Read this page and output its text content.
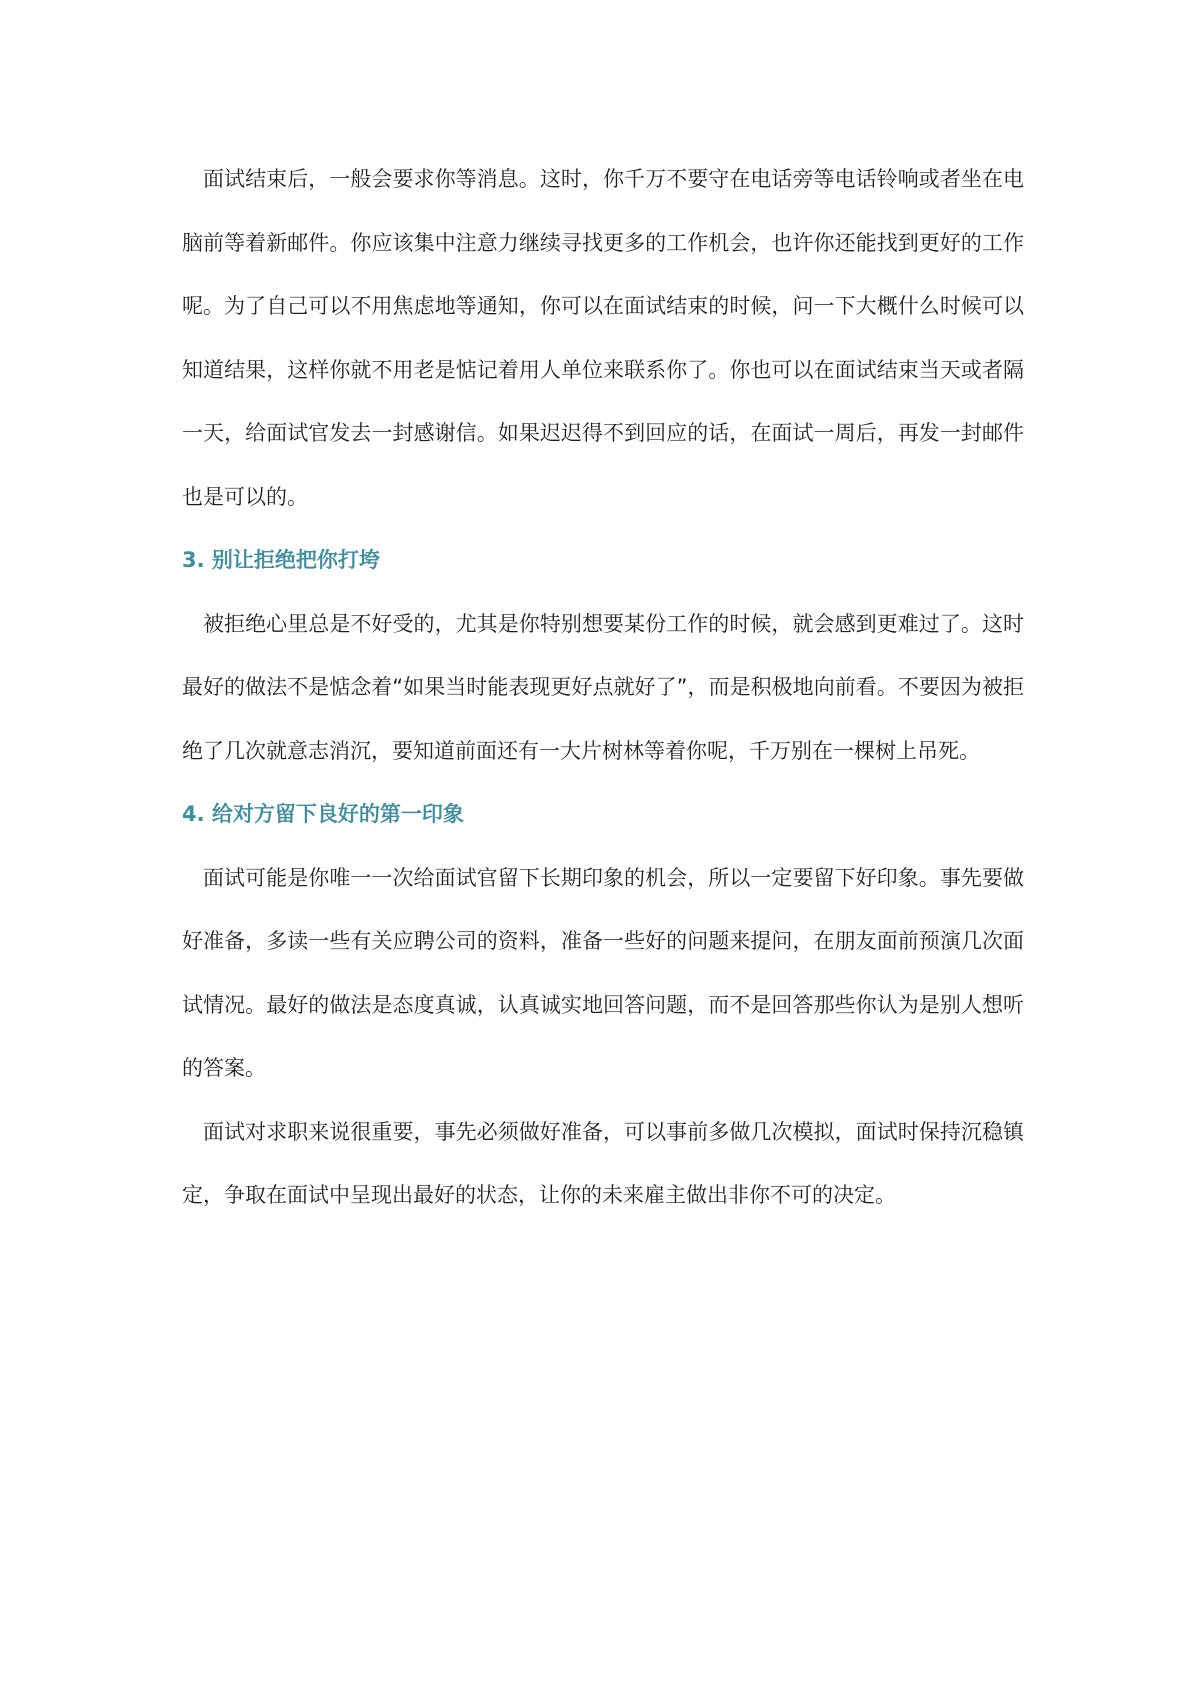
面试结束后，一般会要求你等消息。这时，你千万不要守在电话旁等电话铃响或者坐在电脑前等着新邮件。你应该集中注意力继续寻找更多的工作机会，也许你还能找到更好的工作呢。为了自己可以不用焦虑地等通知，你可以在面试结束的时候，问一下大概什么时候可以知道结果，这样你就不用老是惦记着用人单位来联系你了。你也可以在面试结束当天或者隔一天，给面试官发去一封感谢信。如果迟迟得不到回应的话，在面试一周后，再发一封邮件也是可以的。

3. 别让拒绝把你打垮

被拒绝心里总是不好受的，尤其是你特别想要某份工作的时候，就会感到更难过了。这时最好的做法不是惦念着“如果当时能表现更好点就好了”，而是积极地向前看。不要因为被拒绝了几次就意志消沉，要知道前面还有一大片树林等着你呢，千万别在一棵树上吊死。

4. 给对方留下良好的第一印象

面试可能是你唯一一次给面试官留下长期印象的机会，所以一定要留下好印象。事先要做好准备，多读一些有关应聘公司的资料，准备一些好的问题来提问，在朋友面前预演几次面试情况。最好的做法是态度真诚，认真诚实地回答问题，而不是回答那些你认为是别人想听的答案。

面试对求职来说很重要，事先必须做好准备，可以事前多做几次模拟，面试时保持沉稳镇定，争取在面试中呈现出最好的状态，让你的未来雇主做出非你不可的决定。
